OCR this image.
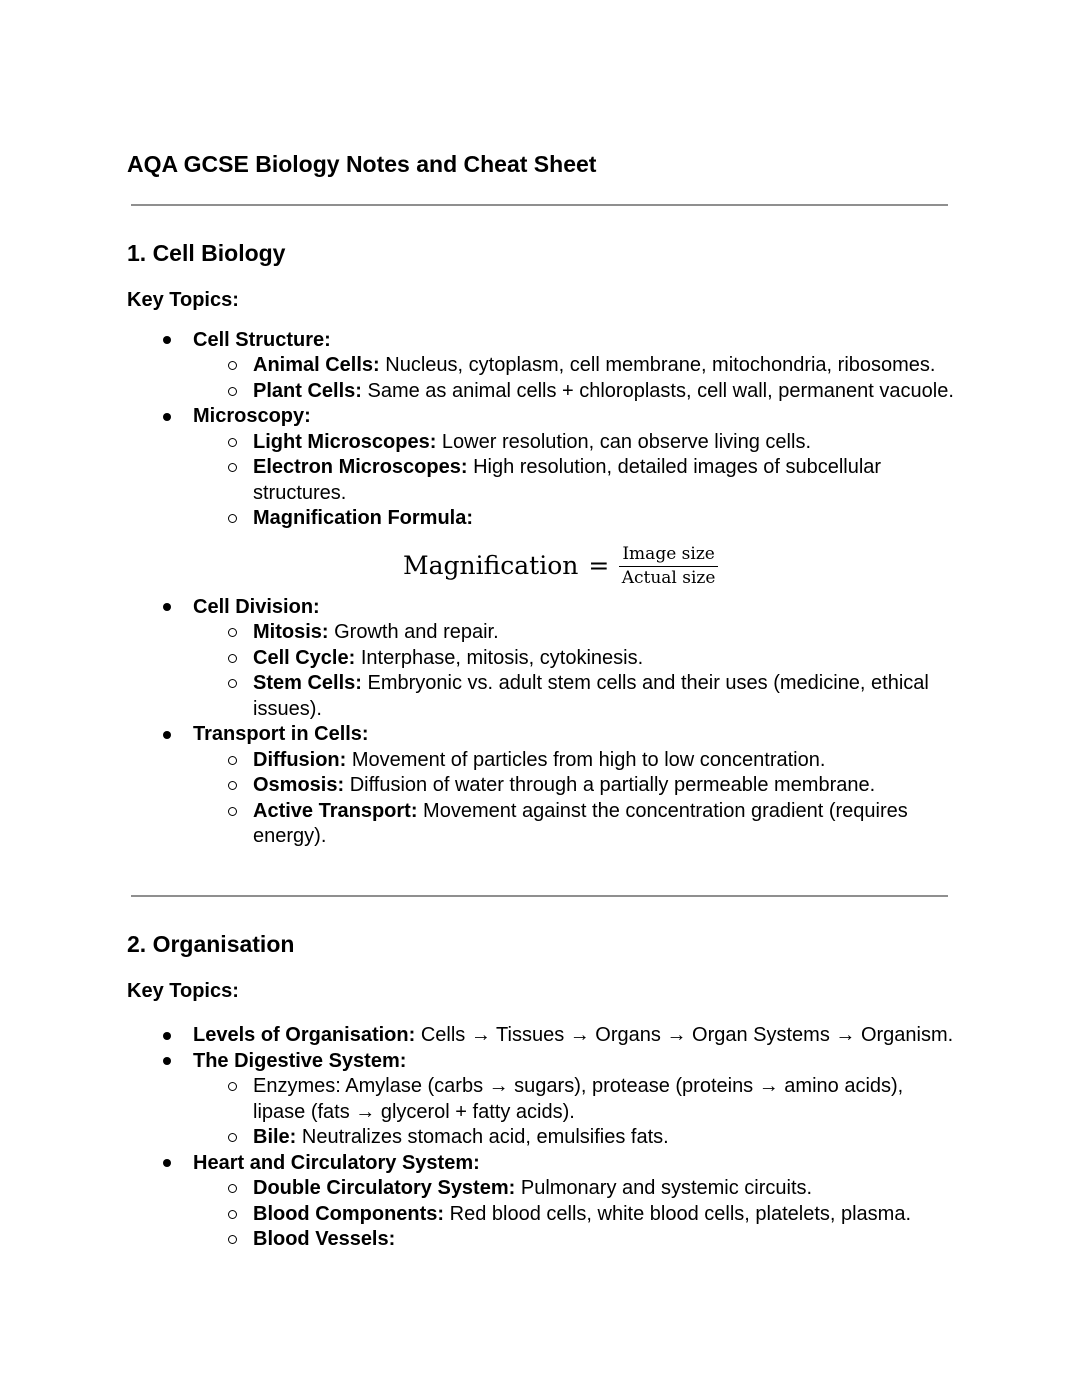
AQA GCSE Biology Notes and Cheat Sheet
1. Cell Biology

Key Topics:

Cell Structure:
Animal Cells: Nucleus, cytoplasm, cell membrane, mitochondria, ribosomes.
Plant Cells: Same as animal cells + chloroplasts, cell wall, permanent vacuole.
Microscopy:
Light Microscopes: Lower resolution, can observe living cells.
Electron Microscopes: High resolution, detailed images of subcellular structures.
Magnification Formula:
Magnification = $\frac{\text{Image size}}{\text{Actual size}}$
Cell Division:
Mitosis: Growth and repair.
Cell Cycle: Interphase, mitosis, cytokinesis.
Stem Cells: Embryonic vs. adult stem cells and their uses (medicine, ethical issues).
Transport in Cells:
Diffusion: Movement of particles from high to low concentration.
Osmosis: Diffusion of water through a partially permeable membrane.
Active Transport: Movement against the concentration gradient (requires energy).
2. Organisation

Key Topics:

Levels of Organisation: Cells → Tissues → Organs → Organ Systems → Organism.
The Digestive System:
Enzymes: Amylase (carbs → sugars), protease (proteins → amino acids), lipase (fats → glycerol + fatty acids).
Bile: Neutralizes stomach acid, emulsifies fats.
Heart and Circulatory System:
Double Circulatory System: Pulmonary and systemic circuits.
Blood Components: Red blood cells, white blood cells, platelets, plasma.
Blood Vessels:
